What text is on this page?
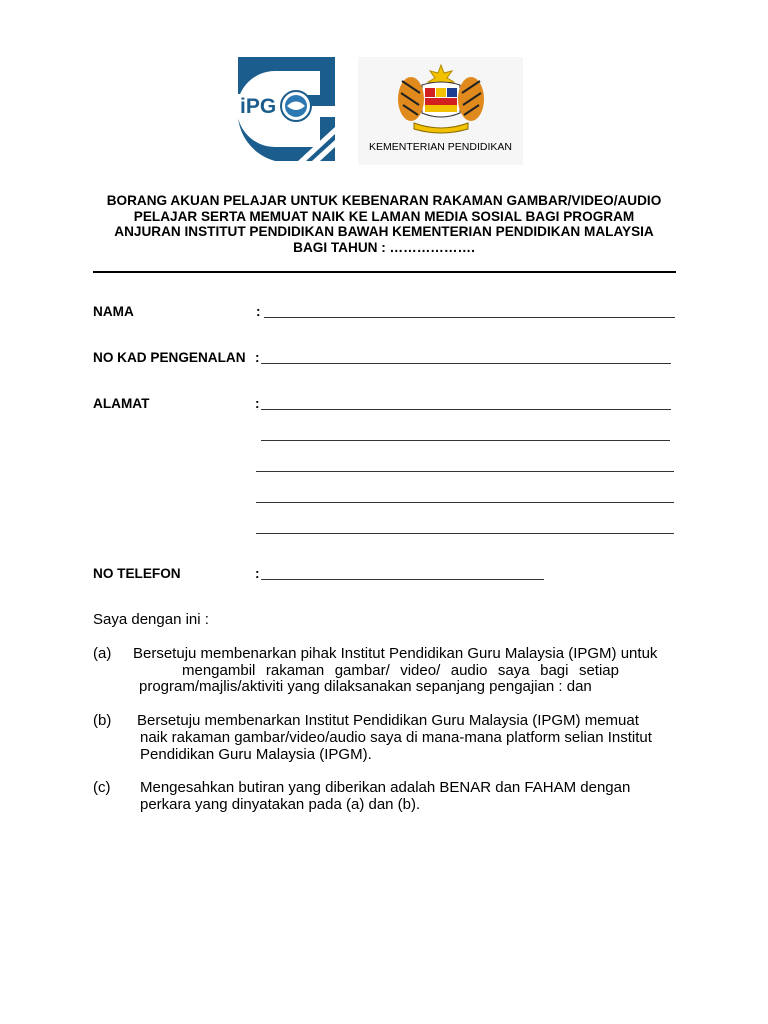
iPG
KEMENTERIAN PENDIDIKAN
BORANG AKUAN PELAJAR UNTUK KEBENARAN RAKAMAN GAMBAR/VIDEO/AUDIO
PELAJAR SERTA MEMUAT NAIK KE LAMAN MEDIA SOSIAL BAGI PROGRAM
ANJURAN INSTITUT PENDIDIKAN BAWAH KEMENTERIAN PENDIDIKAN MALAYSIA
BAGI TAHUN : ……………….
NAMA	:
NO KAD PENGENALAN :
ALAMAT	:
NO TELEFON	:
Saya dengan ini :
(a) Bersetuju membenarkan pihak Institut Pendidikan Guru Malaysia (IPGM) untuk
mengambil rakaman gambar/ video/ audio saya bagi setiap
program/majlis/aktiviti yang dilaksanakan sepanjang pengajian : dan
(b) Bersetuju membenarkan Institut Pendidikan Guru Malaysia (IPGM) memuat
naik rakaman gambar/video/audio saya di mana-mana platform selian Institut
Pendidikan Guru Malaysia (IPGM).
(c) Mengesahkan butiran yang diberikan adalah BENAR dan FAHAM dengan
perkara yang dinyatakan pada (a) dan (b).
